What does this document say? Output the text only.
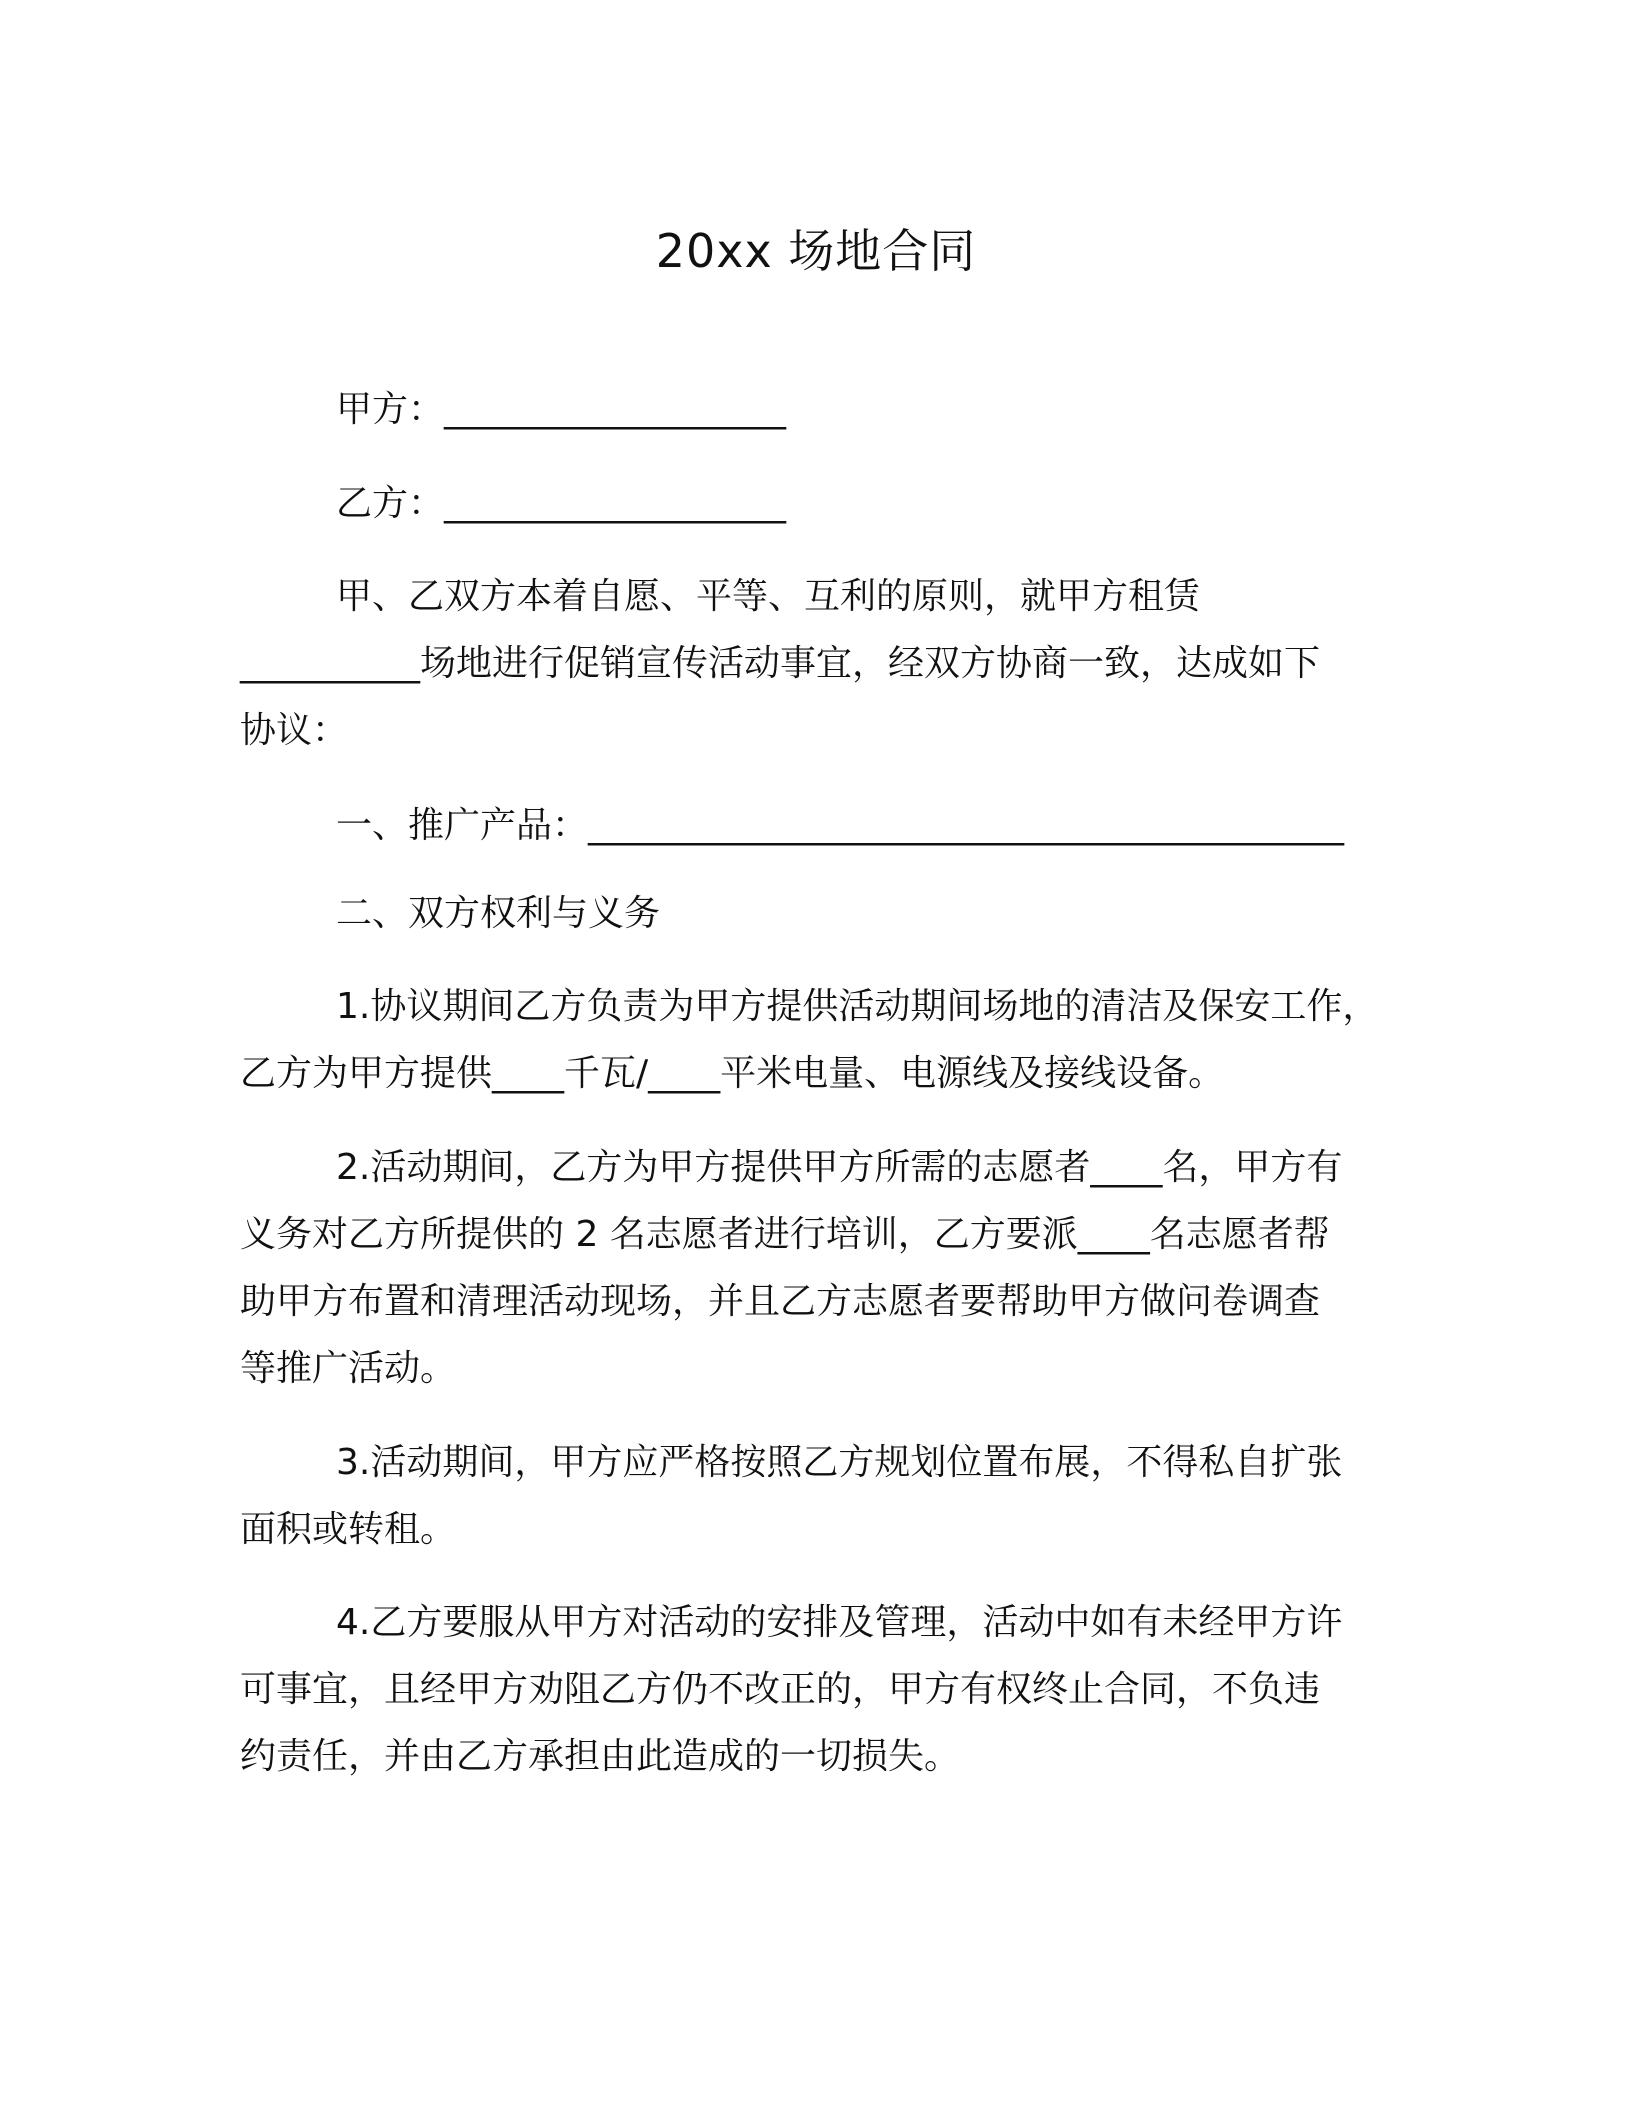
20xx 场地合同
甲方：___________________
乙方：___________________
甲、乙双方本着自愿、平等、互利的原则，就甲方租赁
__________场地进行促销宣传活动事宜，经双方协商一致，达成如下
协议：
一、推广产品：__________________________________________
二、双方权利与义务
1.协议期间乙方负责为甲方提供活动期间场地的清洁及保安工作，
乙方为甲方提供____千瓦/____平米电量、电源线及接线设备。
2.活动期间，乙方为甲方提供甲方所需的志愿者____名，甲方有
义务对乙方所提供的 2 名志愿者进行培训，乙方要派____名志愿者帮
助甲方布置和清理活动现场，并且乙方志愿者要帮助甲方做问卷调查
等推广活动。
3.活动期间，甲方应严格按照乙方规划位置布展，不得私自扩张
面积或转租。
4.乙方要服从甲方对活动的安排及管理，活动中如有未经甲方许
可事宜，且经甲方劝阻乙方仍不改正的，甲方有权终止合同，不负违
约责任，并由乙方承担由此造成的一切损失。
